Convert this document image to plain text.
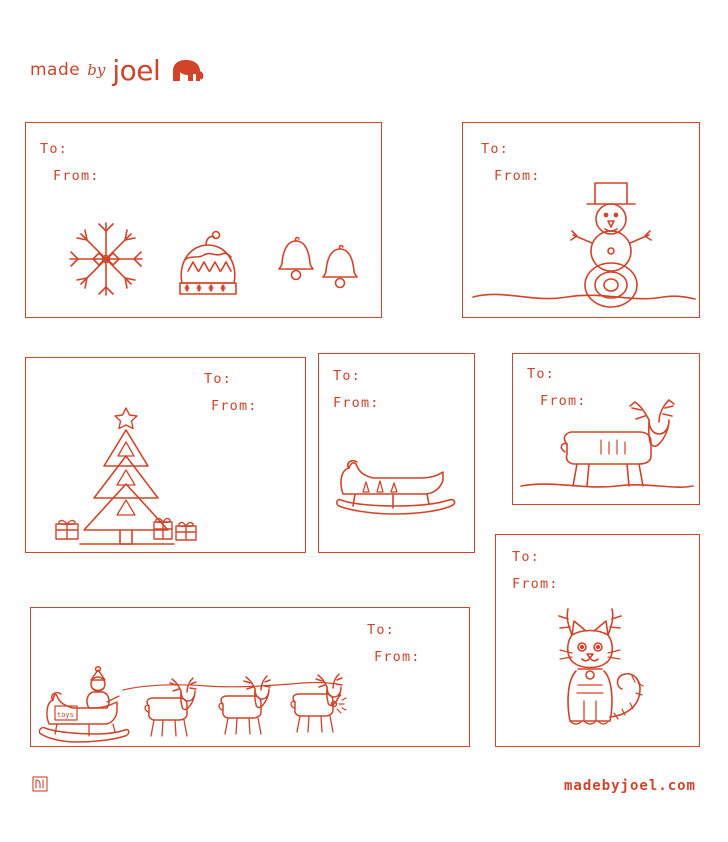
made by joel
To:
From:
To:
From:
To:
From:
To:
From:
To:
From:
To:
From:
To:
From:
toys
madebyjoel.com
